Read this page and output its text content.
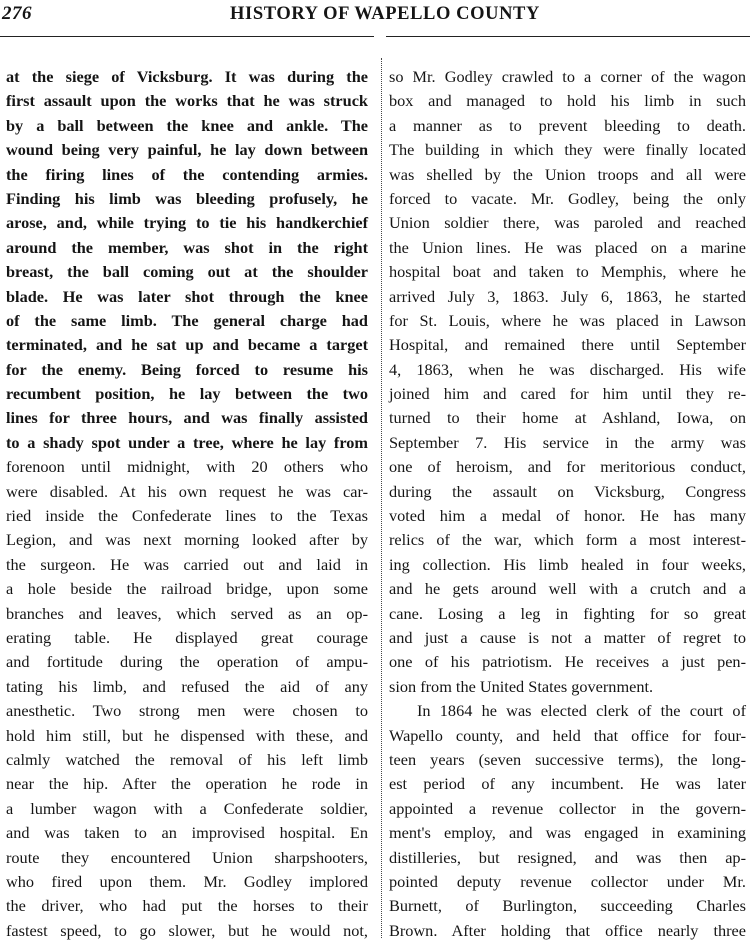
276	HISTORY OF WAPELLO COUNTY
at the siege of Vicksburg. It was during the
first assault upon the works that he was struck
by a ball between the knee and ankle. The
wound being very painful, he lay down between
the firing lines of the contending armies.
Finding his limb was bleeding profusely, he
arose, and, while trying to tie his handkerchief
around the member, was shot in the right
breast, the ball coming out at the shoulder
blade. He was later shot through the knee
of the same limb. The general charge had
terminated, and he sat up and became a target
for the enemy. Being forced to resume his
recumbent position, he lay between the two
lines for three hours, and was finally assisted
to a shady spot under a tree, where he lay from
forenoon until midnight, with 20 others who
were disabled. At his own request he was car-
ried inside the Confederate lines to the Texas
Legion, and was next morning looked after by
the surgeon. He was carried out and laid in
a hole beside the railroad bridge, upon some
branches and leaves, which served as an op-
erating table. He displayed great courage
and fortitude during the operation of ampu-
tating his limb, and refused the aid of any
anesthetic. Two strong men were chosen to
hold him still, but he dispensed with these, and
calmly watched the removal of his left limb
near the hip. After the operation he rode in
a lumber wagon with a Confederate soldier,
and was taken to an improvised hospital. En
route they encountered Union sharpshooters,
who fired upon them. Mr. Godley implored
the driver, who had put the horses to their
fastest speed, to go slower, but he would not,
so Mr. Godley crawled to a corner of the wagon
box and managed to hold his limb in such
a manner as to prevent bleeding to death.
The building in which they were finally located
was shelled by the Union troops and all were
forced to vacate. Mr. Godley, being the only
Union soldier there, was paroled and reached
the Union lines. He was placed on a marine
hospital boat and taken to Memphis, where he
arrived July 3, 1863. July 6, 1863, he started
for St. Louis, where he was placed in Lawson
Hospital, and remained there until September
4, 1863, when he was discharged. His wife
joined him and cared for him until they re-
turned to their home at Ashland, Iowa, on
September 7. His service in the army was
one of heroism, and for meritorious conduct,
during the assault on Vicksburg, Congress
voted him a medal of honor. He has many
relics of the war, which form a most interest-
ing collection. His limb healed in four weeks,
and he gets around well with a crutch and a
cane. Losing a leg in fighting for so great
and just a cause is not a matter of regret to
one of his patriotism. He receives a just pen-
sion from the United States government.
In 1864 he was elected clerk of the court of
Wapello county, and held that office for four-
teen years (seven successive terms), the long-
est period of any incumbent. He was later
appointed a revenue collector in the govern-
ment's employ, and was engaged in examining
distilleries, but resigned, and was then ap-
pointed deputy revenue collector under Mr.
Burnett, of Burlington, succeeding Charles
Brown. After holding that office nearly three
